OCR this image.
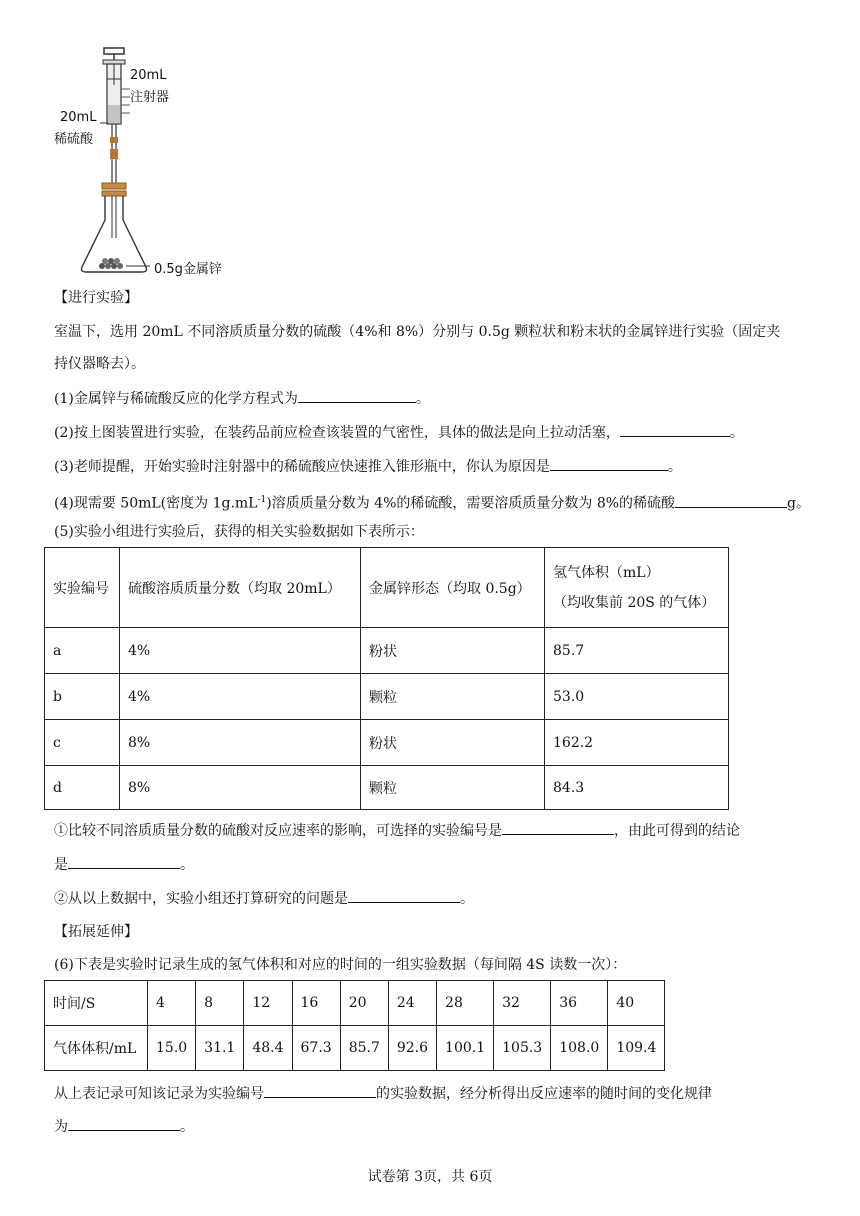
20mL
注射器
20mL
稀硫酸
0.5g金属锌
【进行实验】
室温下，选用 20mL 不同溶质质量分数的硫酸（4%和 8%）分别与 0.5g 颗粒状和粉末状的金属锌进行实验（固定夹
持仪器略去）。
(1)金属锌与稀硫酸反应的化学方程式为	。
(2)按上图装置进行实验，在装药品前应检查该装置的气密性，具体的做法是向上拉动活塞，	。
(3)老师提醒，开始实验时注射器中的稀硫酸应快速推入锥形瓶中，你认为原因是	。
(4)现需要 50mL(密度为 $1g.mL^{-1}$)溶质质量分数为 4%的稀硫酸，需要溶质质量分数为 8%的稀硫酸	g。
(5)实验小组进行实验后，获得的相关实验数据如下表所示：
实验编号	硫酸溶质质量分数（均取 20mL）	金属锌形态（均取 0.5g）	氢气体积（mL）
（均收集前 20S 的气体）

a	4%	粉状	85.7
b	4%	颗粒	53.0
c	8%	粉状	162.2
d	8%	颗粒	84.3
①比较不同溶质质量分数的硫酸对反应速率的影响，可选择的实验编号是	，由此可得到的结论
是	。
②从以上数据中，实验小组还打算研究的问题是	。
【拓展延伸】
(6)下表是实验时记录生成的氢气体积和对应的时间的一组实验数据（每间隔 4S 读数一次）：
时间/S	4	8	12	16	20	24	28	32	36	40
气体体积/mL	15.0	31.1	48.4	67.3	85.7	92.6	100.1	105.3	108.0	109.4
从上表记录可知该记录为实验编号	的实验数据，经分析得出反应速率的随时间的变化规律
为	。
试卷第 3页，共 6页
